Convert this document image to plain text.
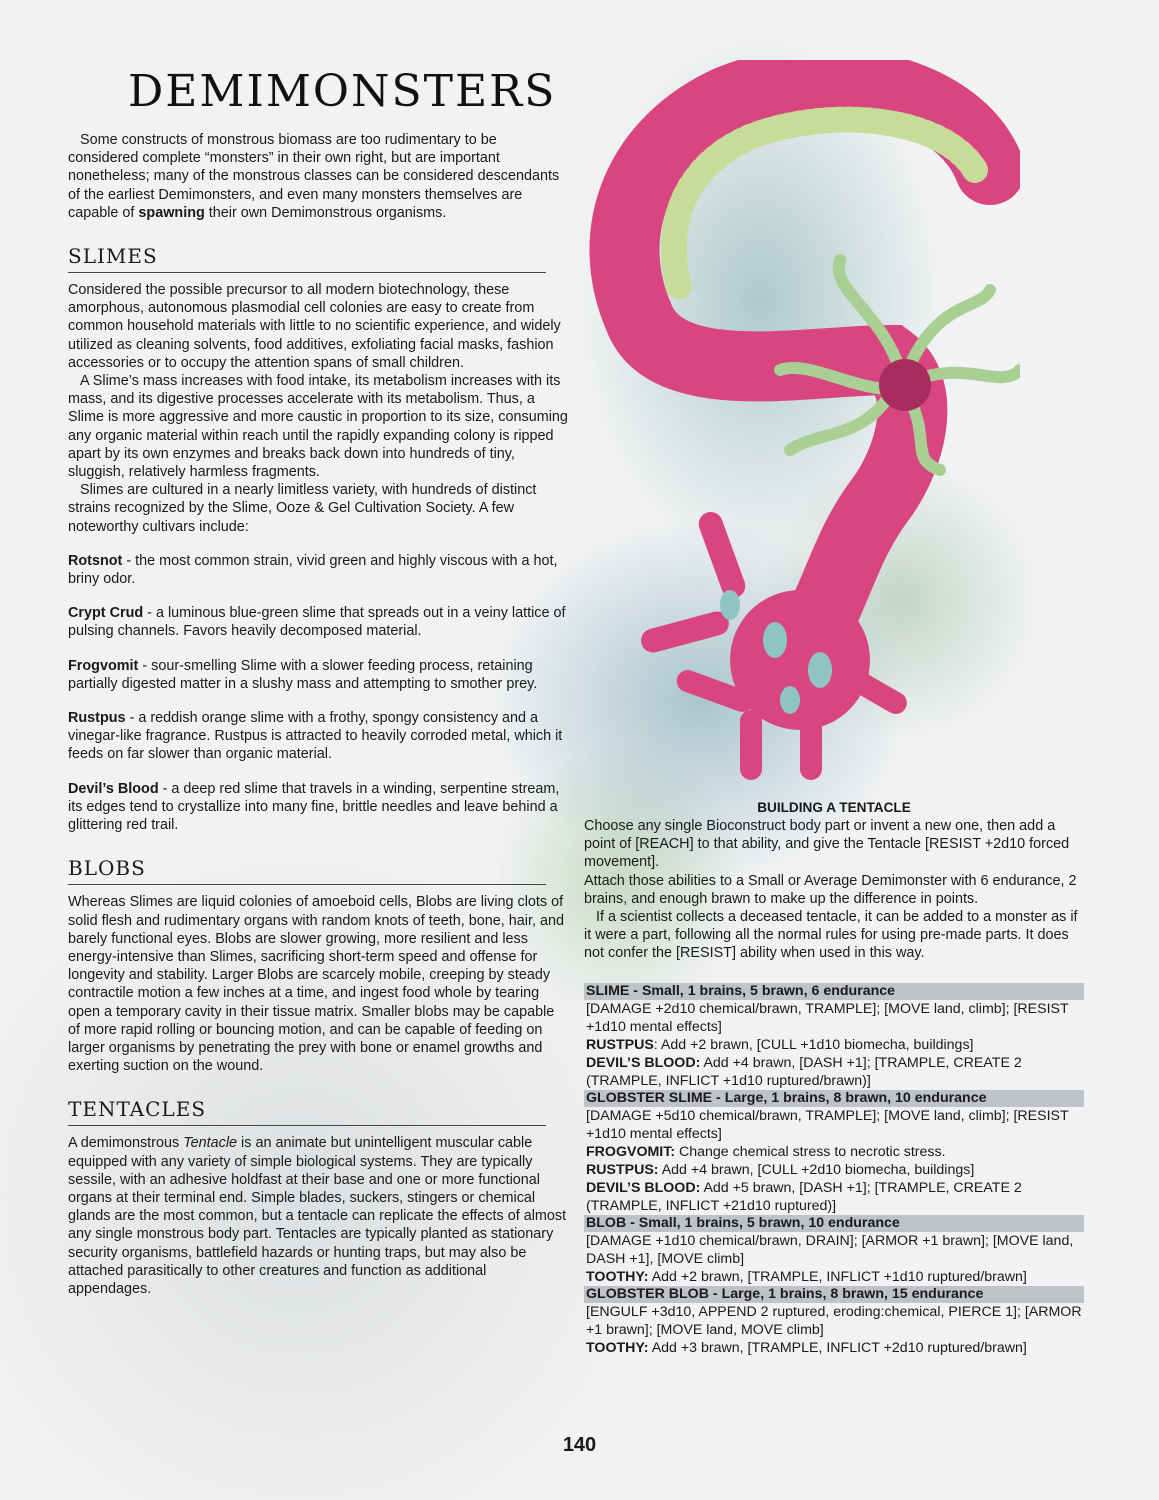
DEMIMONSTERS

Some constructs of monstrous biomass are too rudimentary to be considered complete “monsters” in their own right, but are important nonetheless; many of the monstrous classes can be considered descendants of the earliest Demimonsters, and even many monsters themselves are capable of spawning their own Demimonstrous organisms.

SLIMES

Considered the possible precursor to all modern biotechnology, these amorphous, autonomous plasmodial cell colonies are easy to create from common household materials with little to no scientific experience, and widely utilized as cleaning solvents, food additives, exfoliating facial masks, fashion accessories or to occupy the attention spans of small children.

A Slime’s mass increases with food intake, its metabolism increases with its mass, and its digestive processes accelerate with its metabolism. Thus, a Slime is more aggressive and more caustic in proportion to its size, consuming any organic material within reach until the rapidly expanding colony is ripped apart by its own enzymes and breaks back down into hundreds of tiny, sluggish, relatively harmless fragments.

Slimes are cultured in a nearly limitless variety, with hundreds of distinct strains recognized by the Slime, Ooze & Gel Cultivation Society. A few noteworthy cultivars include:

Rotsnot - the most common strain, vivid green and highly viscous with a hot, briny odor.

Crypt Crud - a luminous blue-green slime that spreads out in a veiny lattice of pulsing channels. Favors heavily decomposed material.

Frogvomit - sour-smelling Slime with a slower feeding process, retaining partially digested matter in a slushy mass and attempting to smother prey.

Rustpus - a reddish orange slime with a frothy, spongy consistency and a vinegar-like fragrance. Rustpus is attracted to heavily corroded metal, which it feeds on far slower than organic material.

Devil’s Blood - a deep red slime that travels in a winding, serpentine stream, its edges tend to crystallize into many fine, brittle needles and leave behind a glittering red trail.

BLOBS

Whereas Slimes are liquid colonies of amoeboid cells, Blobs are living clots of solid flesh and rudimentary organs with random knots of teeth, bone, hair, and barely functional eyes. Blobs are slower growing, more resilient and less energy-intensive than Slimes, sacrificing short-term speed and offense for longevity and stability. Larger Blobs are scarcely mobile, creeping by steady contractile motion a few inches at a time, and ingest food whole by tearing open a temporary cavity in their tissue matrix. Smaller blobs may be capable of more rapid rolling or bouncing motion, and can be capable of feeding on larger organisms by penetrating the prey with bone or enamel growths and exerting suction on the wound.

TENTACLES

A demimonstrous Tentacle is an animate but unintelligent muscular cable equipped with any variety of simple biological systems. They are typically sessile, with an adhesive holdfast at their base and one or more functional organs at their terminal end. Simple blades, suckers, stingers or chemical glands are the most common, but a tentacle can replicate the effects of almost any single monstrous body part. Tentacles are typically planted as stationary security organisms, battlefield hazards or hunting traps, but may also be attached parasitically to other creatures and function as additional appendages.

BUILDING A TENTACLE

Choose any single Bioconstruct body part or invent a new one, then add a point of [REACH] to that ability, and give the Tentacle [RESIST +2d10 forced movement].

Attach those abilities to a Small or Average Demimonster with 6 endurance, 2 brains, and enough brawn to make up the difference in points.

If a scientist collects a deceased tentacle, it can be added to a monster as if it were a part, following all the normal rules for using pre-made parts. It does not confer the [RESIST] ability when used in this way.

SLIME - Small, 1 brains, 5 brawn, 6 endurance
[DAMAGE +2d10 chemical/brawn, TRAMPLE]; [MOVE land, climb]; [RESIST +1d10 mental effects]
RUSTPUS: Add +2 brawn, [CULL +1d10 biomecha, buildings]
DEVIL’S BLOOD: Add +4 brawn, [DASH +1]; [TRAMPLE, CREATE 2 (TRAMPLE, INFLICT +1d10 ruptured/brawn)]
GLOBSTER SLIME - Large, 1 brains, 8 brawn, 10 endurance
[DAMAGE +5d10 chemical/brawn, TRAMPLE]; [MOVE land, climb]; [RESIST +1d10 mental effects]
FROGVOMIT: Change chemical stress to necrotic stress.
RUSTPUS: Add +4 brawn, [CULL +2d10 biomecha, buildings]
DEVIL’S BLOOD: Add +5 brawn, [DASH +1]; [TRAMPLE, CREATE 2 (TRAMPLE, INFLICT +21d10 ruptured)]
BLOB - Small, 1 brains, 5 brawn, 10 endurance
[DAMAGE +1d10 chemical/brawn, DRAIN]; [ARMOR +1 brawn]; [MOVE land, DASH +1], [MOVE climb]
TOOTHY: Add +2 brawn, [TRAMPLE, INFLICT +1d10 ruptured/brawn]
GLOBSTER BLOB - Large, 1 brains, 8 brawn, 15 endurance
[ENGULF +3d10, APPEND 2 ruptured, eroding:chemical, PIERCE 1]; [ARMOR +1 brawn]; [MOVE land, MOVE climb]
TOOTHY: Add +3 brawn, [TRAMPLE, INFLICT +2d10 ruptured/brawn]
140
